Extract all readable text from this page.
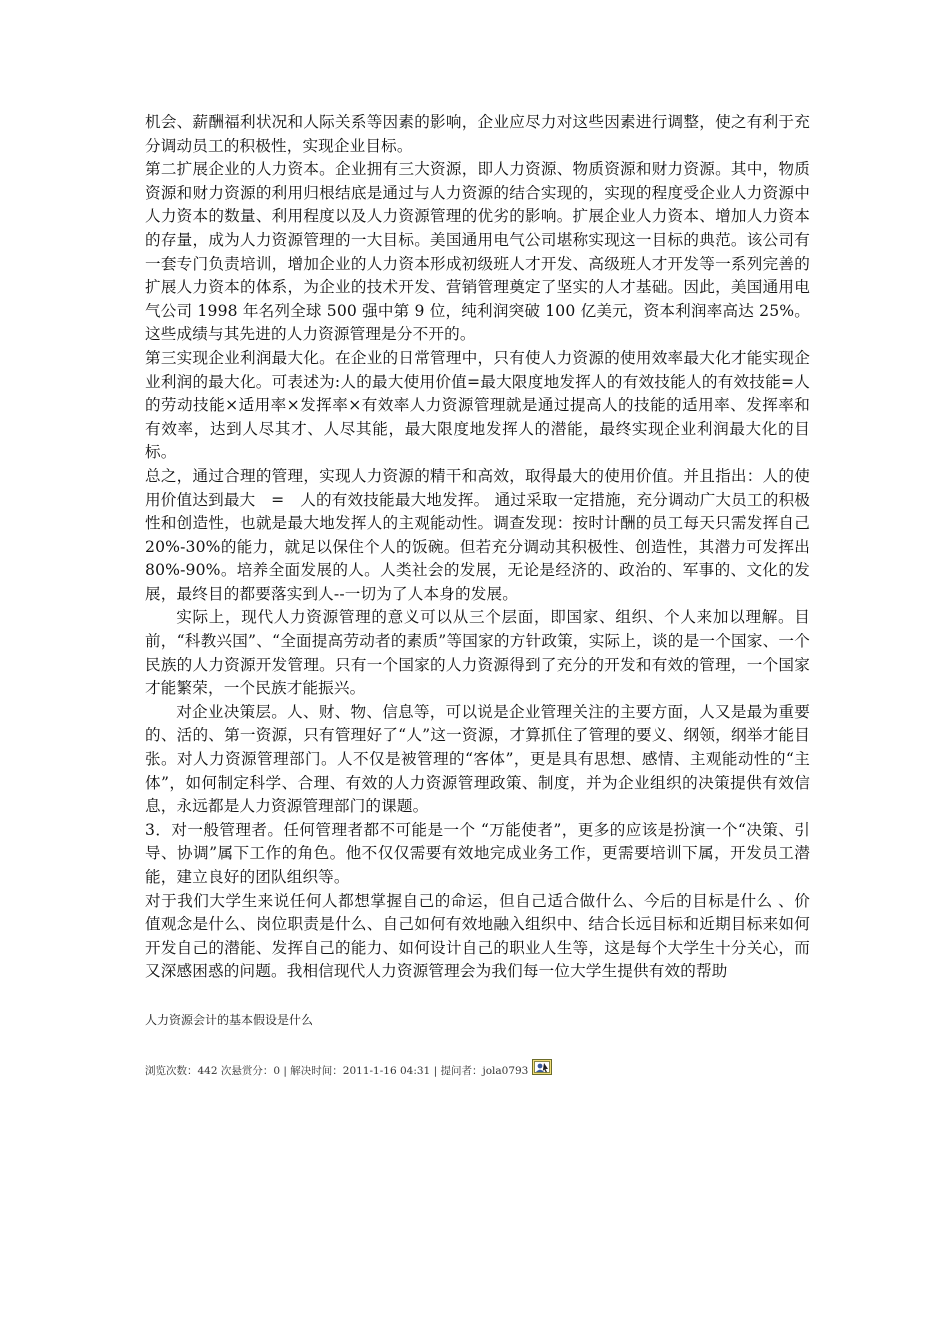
机会、薪酬福利状况和人际关系等因素的影响，企业应尽力对这些因素进行调整，使之有利于充分调动员工的积极性，实现企业目标。

第二扩展企业的人力资本。企业拥有三大资源，即人力资源、物质资源和财力资源。其中，物质资源和财力资源的利用归根结底是通过与人力资源的结合实现的，实现的程度受企业人力资源中人力资本的数量、利用程度以及人力资源管理的优劣的影响。扩展企业人力资本、增加人力资本的存量，成为人力资源管理的一大目标。美国通用电气公司堪称实现这一目标的典范。该公司有一套专门负责培训，增加企业的人力资本形成初级班人才开发、高级班人才开发等一系列完善的扩展人力资本的体系，为企业的技术开发、营销管理奠定了坚实的人才基础。因此，美国通用电气公司 1998 年名列全球 500 强中第 9 位，纯利润突破 100 亿美元，资本利润率高达 25%。这些成绩与其先进的人力资源管理是分不开的。

第三实现企业利润最大化。在企业的日常管理中，只有使人力资源的使用效率最大化才能实现企业利润的最大化。可表述为:人的最大使用价值=最大限度地发挥人的有效技能人的有效技能=人的劳动技能×适用率×发挥率×有效率人力资源管理就是通过提高人的技能的适用率、发挥率和有效率，达到人尽其才、人尽其能，最大限度地发挥人的潜能，最终实现企业利润最大化的目标。

总之，通过合理的管理，实现人力资源的精干和高效，取得最大的使用价值。并且指出：人的使用价值达到最大　=　人的有效技能最大地发挥。 通过采取一定措施，充分调动广大员工的积极性和创造性，也就是最大地发挥人的主观能动性。调查发现：按时计酬的员工每天只需发挥自己 20%-30%的能力，就足以保住个人的饭碗。但若充分调动其积极性、创造性，其潜力可发挥出 80%-90%。培养全面发展的人。人类社会的发展，无论是经济的、政治的、军事的、文化的发展，最终目的都要落实到人--一切为了人本身的发展。

实际上，现代人力资源管理的意义可以从三个层面，即国家、组织、个人来加以理解。目前，“科教兴国”、“全面提高劳动者的素质”等国家的方针政策，实际上，谈的是一个国家、一个民族的人力资源开发管理。只有一个国家的人力资源得到了充分的开发和有效的管理，一个国家才能繁荣，一个民族才能振兴。

对企业决策层。人、财、物、信息等，可以说是企业管理关注的主要方面，人又是最为重要的、活的、第一资源，只有管理好了“人”这一资源，才算抓住了管理的要义、纲领，纲举才能目张。对人力资源管理部门。人不仅是被管理的“客体”，更是具有思想、感情、主观能动性的“主体”，如何制定科学、合理、有效的人力资源管理政策、制度，并为企业组织的决策提供有效信息，永远都是人力资源管理部门的课题。

3．对一般管理者。任何管理者都不可能是一个 “万能使者”，更多的应该是扮演一个“决策、引导、协调”属下工作的角色。他不仅仅需要有效地完成业务工作，更需要培训下属，开发员工潜能，建立良好的团队组织等。

对于我们大学生来说任何人都想掌握自己的命运，但自己适合做什么、今后的目标是什么 、价值观念是什么、岗位职责是什么、自己如何有效地融入组织中、结合长远目标和近期目标来如何开发自己的潜能、发挥自己的能力、如何设计自己的职业人生等，这是每个大学生十分关心，而又深感困惑的问题。我相信现代人力资源管理会为我们每一位大学生提供有效的帮助

人力资源会计的基本假设是什么
浏览次数：442 次悬赏分：0 | 解决时间：2011-1-16 04:31 | 提问者：jola0793
